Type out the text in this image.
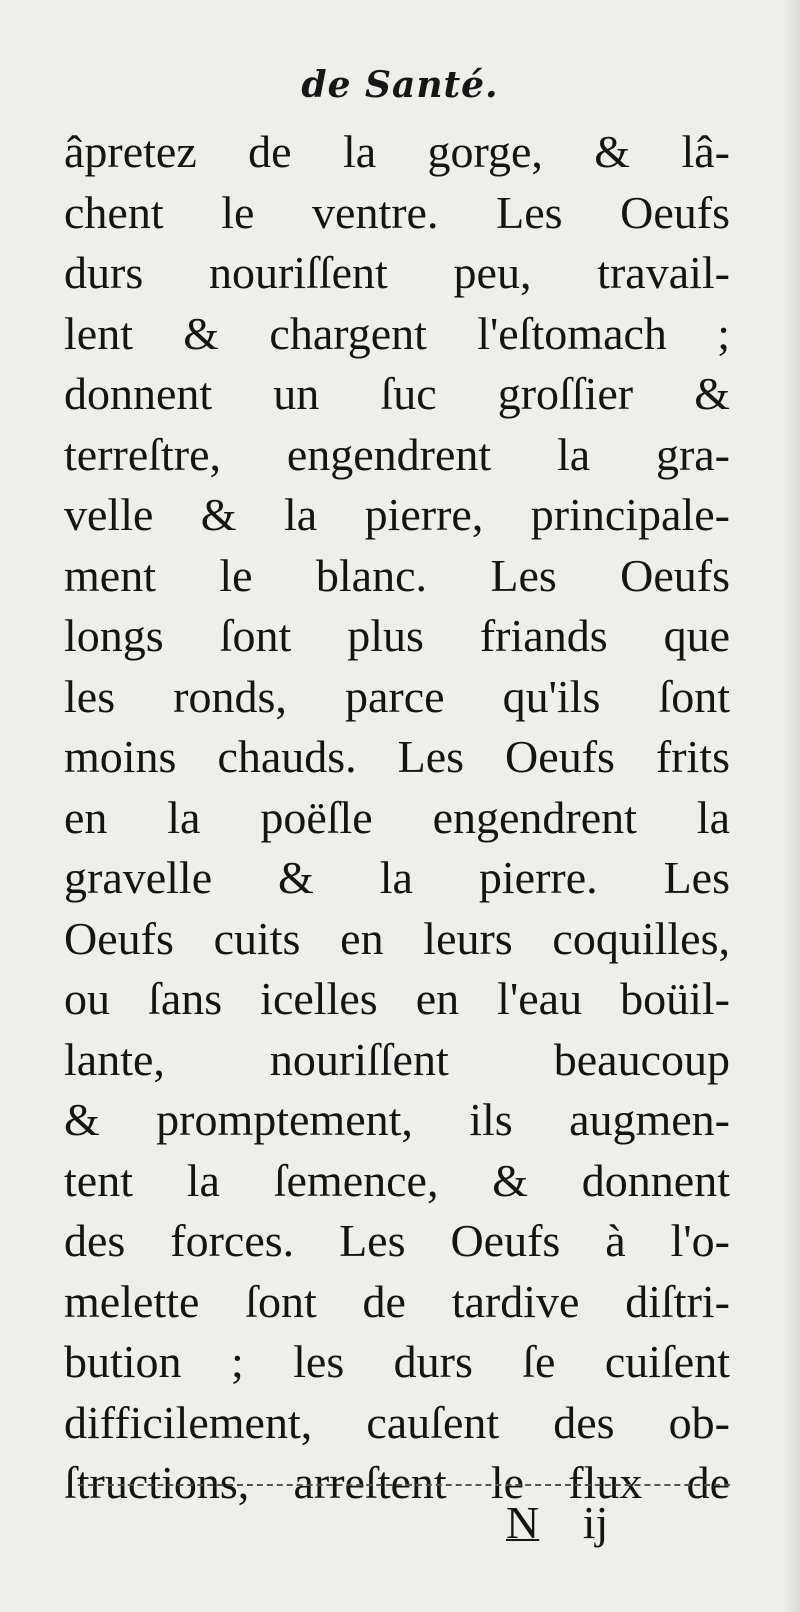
de Santé.
âpretez de la gorge, & lâ-
chent le ventre. Les Oeufs
durs nouriſſent peu, travail-
lent & chargent l'eſtomach ;
donnent un ſuc groſſier &
terreſtre, engendrent la gra-
velle & la pierre, principale-
ment le blanc. Les Oeufs
longs ſont plus friands que
les ronds, parce qu'ils ſont
moins chauds. Les Oeufs frits
en la poëſle engendrent la
gravelle & la pierre. Les
Oeufs cuits en leurs coquilles,
ou ſans icelles en l'eau boüil-
lante, nouriſſent beaucoup
& promptement, ils augmen-
tent la ſemence, & donnent
des forces. Les Oeufs à l'o-
melette ſont de tardive diſtri-
bution ; les durs ſe cuiſent
difficilement, cauſent des ob-
ſtructions, arreſtent le flux de
N ij
